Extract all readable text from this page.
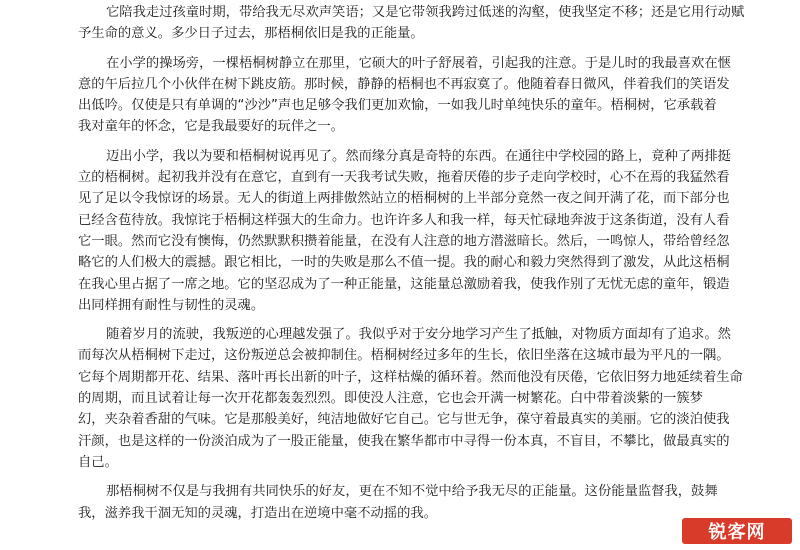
它陪我走过孩童时期，带给我无尽欢声笑语；又是它带领我跨过低迷的沟壑，使我坚定不移；还是它用行动赋
予生命的意义。多少日子过去，那梧桐依旧是我的正能量。

在小学的操场旁，一棵梧桐树静立在那里，它硕大的叶子舒展着，引起我的注意。于是儿时的我最喜欢在惬
意的午后拉几个小伙伴在树下跳皮筋。那时候，静静的梧桐也不再寂寞了。他随着春日微风，伴着我们的笑语发
出低吟。仅使是只有单调的“沙沙”声也足够令我们更加欢愉，一如我儿时单纯快乐的童年。梧桐树，它承载着
我对童年的怀念，它是我最要好的玩伴之一。

迈出小学，我以为要和梧桐树说再见了。然而缘分真是奇特的东西。在通往中学校园的路上，竟种了两排挺
立的梧桐树。起初我并没有在意它，直到有一天我考试失败，拖着厌倦的步子走向学校时，心不在焉的我猛然看
见了足以令我惊讶的场景。无人的街道上两排傲然站立的梧桐树的上半部分竟然一夜之间开满了花，而下部分也
已经含苞待放。我惊诧于梧桐这样强大的生命力。也许许多人和我一样，每天忙碌地奔波于这条街道，没有人看
它一眼。然而它没有懊悔，仍然默默积攒着能量，在没有人注意的地方潜滋暗长。然后，一鸣惊人，带给曾经忽
略它的人们极大的震撼。跟它相比，一时的失败是那么不值一提。我的耐心和毅力突然得到了激发，从此这梧桐
在我心里占据了一席之地。它的坚忍成为了一种正能量，这能量总激励着我，使我作别了无忧无虑的童年，锻造
出同样拥有耐性与韧性的灵魂。

随着岁月的流驶，我叛逆的心理越发强了。我似乎对于安分地学习产生了抵触，对物质方面却有了追求。然
而每次从梧桐树下走过，这份叛逆总会被抑制住。梧桐树经过多年的生长，依旧坐落在这城市最为平凡的一隅。
它每个周期都开花、结果、落叶再长出新的叶子，这样枯燥的循环着。然而他没有厌倦，它依旧努力地延续着生命
的周期，而且试着让每一次开花都轰轰烈烈。即使没人注意，它也会开满一树繁花。白中带着淡紫的一簇梦
幻，夹杂着香甜的气味。它是那般美好，纯洁地做好它自己。它与世无争，葆守着最真实的美丽。它的淡泊使我
汗颜，也是这样的一份淡泊成为了一股正能量，使我在繁华都市中寻得一份本真，不盲目，不攀比，做最真实的
自己。

那梧桐树不仅是与我拥有共同快乐的好友，更在不知不觉中给予我无尽的正能量。这份能量监督我，鼓舞
我，滋养我干涸无知的灵魂，打造出在逆境中毫不动摇的我。

锐客网
